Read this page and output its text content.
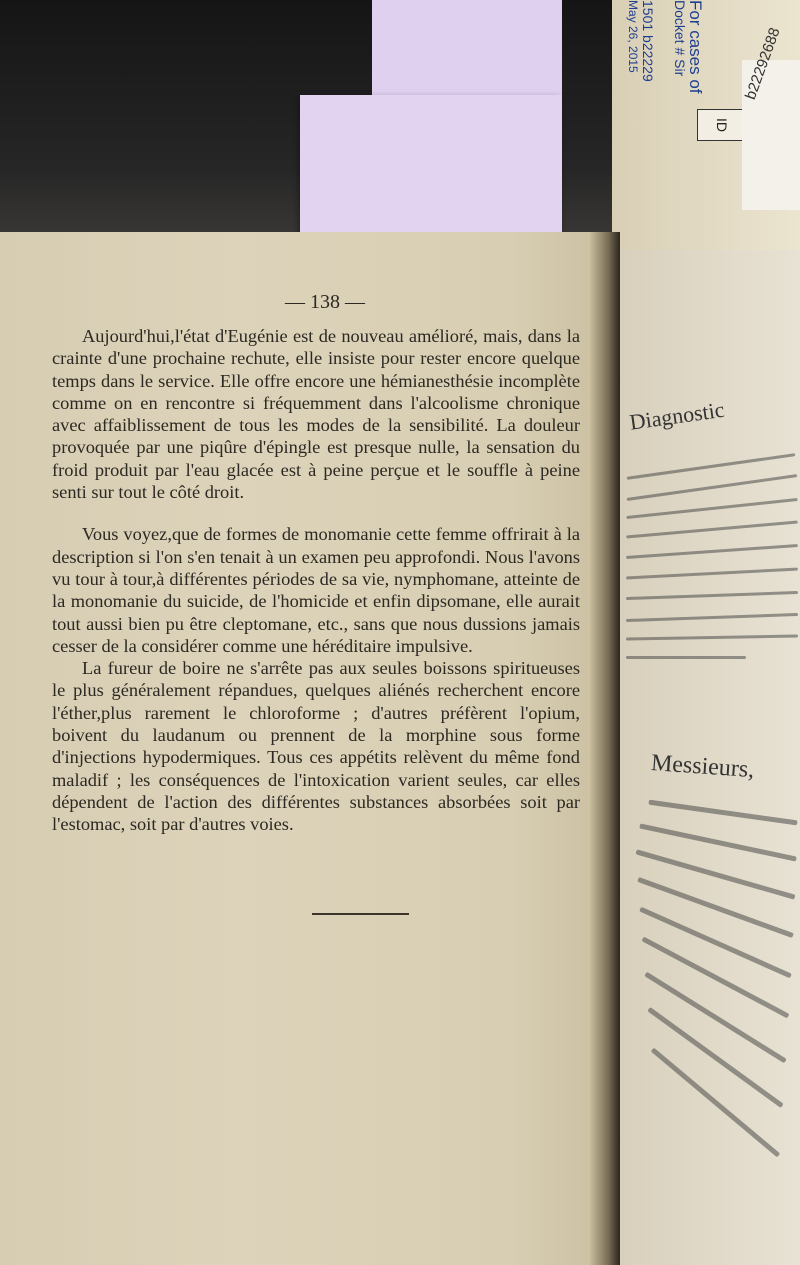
For cases of
Docket # Sir
1501 b22229
May 26, 2015
ID
b22292688
Diagnostic
Messieurs,
— 138 —

Aujourd'hui,l'état d'Eugénie est de nouveau amélioré, mais, dans la crainte d'une prochaine rechute, elle insiste pour rester encore quelque temps dans le service. Elle offre encore une hémianesthésie incomplète comme on en rencontre si fréquemment dans l'alcoolisme chronique avec affaiblissement de tous les modes de la sensibilité. La douleur provoquée par une piqûre d'épingle est presque nulle, la sensation du froid produit par l'eau glacée est à peine perçue et le souffle à peine senti sur tout le côté droit.

Vous voyez,que de formes de monomanie cette femme offrirait à la description si l'on s'en tenait à un examen peu approfondi. Nous l'avons vu tour à tour,à différentes périodes de sa vie, nymphomane, atteinte de la monomanie du suicide, de l'homicide et enfin dipsomane, elle aurait tout aussi bien pu être cleptomane, etc., sans que nous dussions jamais cesser de la considérer comme une héréditaire impulsive.

La fureur de boire ne s'arrête pas aux seules boissons spiritueuses le plus généralement répandues, quelques aliénés recherchent encore l'éther,plus rarement le chloroforme ; d'autres préfèrent l'opium, boivent du laudanum ou prennent de la morphine sous forme d'injections hypodermiques. Tous ces appétits relèvent du même fond maladif ; les conséquences de l'intoxication varient seules, car elles dépendent de l'action des différentes substances absorbées soit par l'estomac, soit par d'autres voies.
